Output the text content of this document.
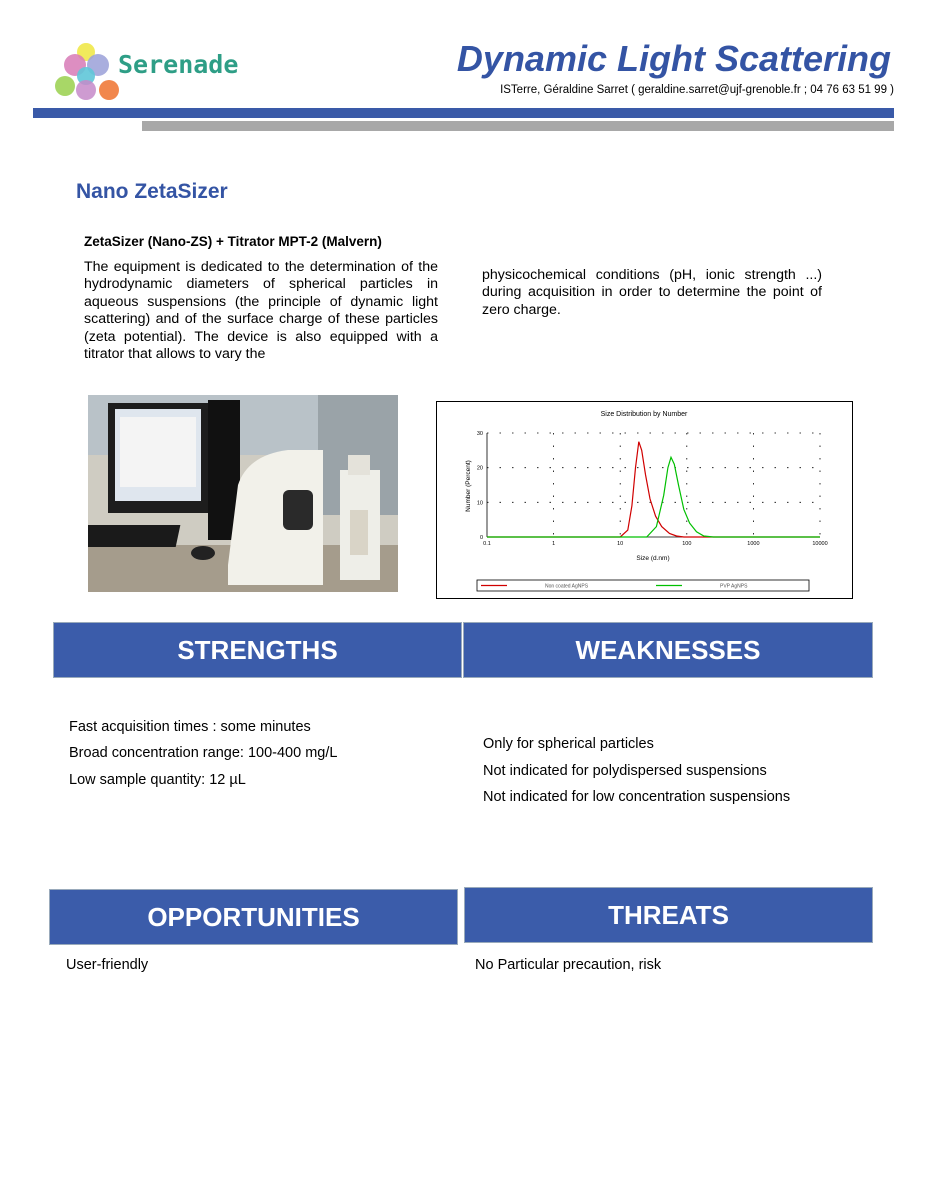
Serenade	Dynamic Light Scattering
ISTerre, Géraldine Sarret ( geraldine.sarret@ujf-grenoble.fr ; 04 76 63 51 99 )
Nano ZetaSizer
ZetaSizer (Nano-ZS) + Titrator MPT-2 (Malvern)
The equipment is dedicated to the determination of the hydrodynamic diameters of spherical particles in aqueous suspensions (the principle of dynamic light scattering) and of the surface charge of these particles (zeta potential). The device is also equipped with a titrator that allows to vary the
physicochemical conditions (pH, ionic strength ...) during acquisition in order to determine the point of zero charge.
Size Distribution by Number
Number (Percent)
Size (d.nm)
0
10
20
30
0.1	1	10	100	1000	10000
Non coated AgNPS	PVP AgNPS
STRENGTHS	WEAKNESSES
Fast acquisition times : some minutes
Broad concentration range: 100-400 mg/L
Low sample quantity: 12 µL
Only for spherical particles
Not indicated for polydispersed suspensions
Not indicated for low concentration suspensions
OPPORTUNITIES	THREATS
User-friendly	No Particular precaution, risk
